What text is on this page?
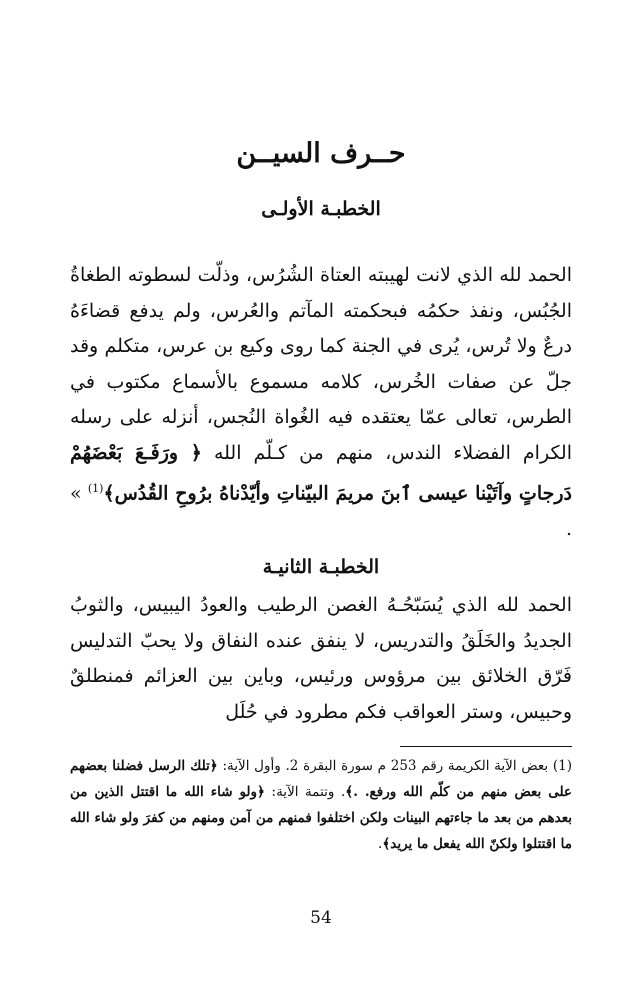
حــرف السيــن
الخطبـة الأولـى

الحمد لله الذي لانت لهيبته العتاة الشُرُس، وذلّت لسطوته الطغاةُ الجُبُس، ونفذ حكمُه فبحكمته المآتم والعُرس، ولم يدفع قضاءَهُ درعٌ ولا تُرس، يُرى في الجنة كما روى وكيع بن عرس، متكلم وقد جلّ عن صفات الخُرس، كلامه مسموع بالأسماع مكتوب في الطرس، تعالى عمّا يعتقده فيه الغُواة النُجس، أنزله على رسله الكرام الفضلاء الندس، منهم من كـلّم الله ﴿ ورَفَـعَ بَعْضَهُمْ دَرجاتٍ وآتَيْنا عيسى ٱبنَ مريمَ البيّناتِ وأيّدْناهُ برُوحِ القُدُس﴾$^{(1)}$ » .

الخطبـة الثانيـة

الحمد لله الذي يُسَبّحُـهُ الغصن الرطيب والعودُ اليبيس، والثوبُ الجديدُ والخَلَقُ والتدريس، لا ينفق عنده النفاق ولا يحبّ التدليس فَرّق الخلائق بين مرؤوس ورئيس، وباين بين العزائم فمنطلقٌ وحبيس، وستر العواقب فكم مطرود في حُلَل

(1) بعض الآية الكريمة رقم 253 م سورة البقرة 2. وأول الآية: ﴿تلك الرسل فضلنا بعضهم على بعض منهم من كلّم الله ورفع. .﴾. وتتمة الآية: ﴿ولو شاء الله ما اقتتل الذين من بعدهم من بعد ما جاءتهم البينات ولكن اختلفوا فمنهم من آمن ومنهم من كفرَ ولو شاء الله ما اقتتلوا ولكنّ الله يفعل ما يريد﴾.

54
